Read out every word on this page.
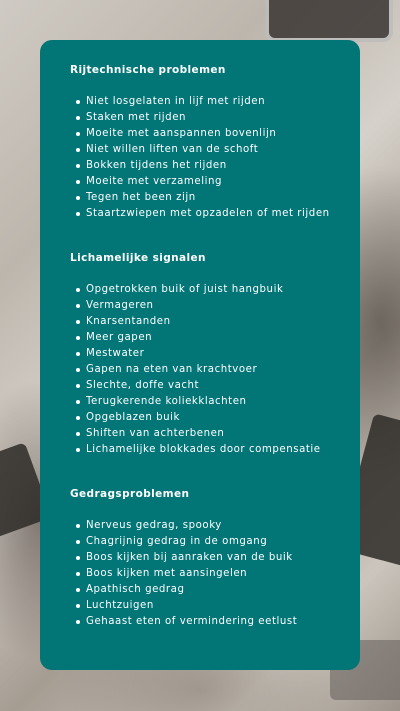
Rijtechnische problemen
Niet losgelaten in lijf met rijden
Staken met rijden
Moeite met aanspannen bovenlijn
Niet willen liften van de schoft
Bokken tijdens het rijden
Moeite met verzameling
Tegen het been zijn
Staartzwiepen met opzadelen of met rijden
Lichamelijke signalen
Opgetrokken buik of juist hangbuik
Vermageren
Knarsentanden
Meer gapen
Mestwater
Gapen na eten van krachtvoer
Slechte, doffe vacht
Terugkerende koliekklachten
Opgeblazen buik
Shiften van achterbenen
Lichamelijke blokkades door compensatie
Gedragsproblemen
Nerveus gedrag, spooky
Chagrijnig gedrag in de omgang
Boos kijken bij aanraken van de buik
Boos kijken met aansingelen
Apathisch gedrag
Luchtzuigen
Gehaast eten of vermindering eetlust
